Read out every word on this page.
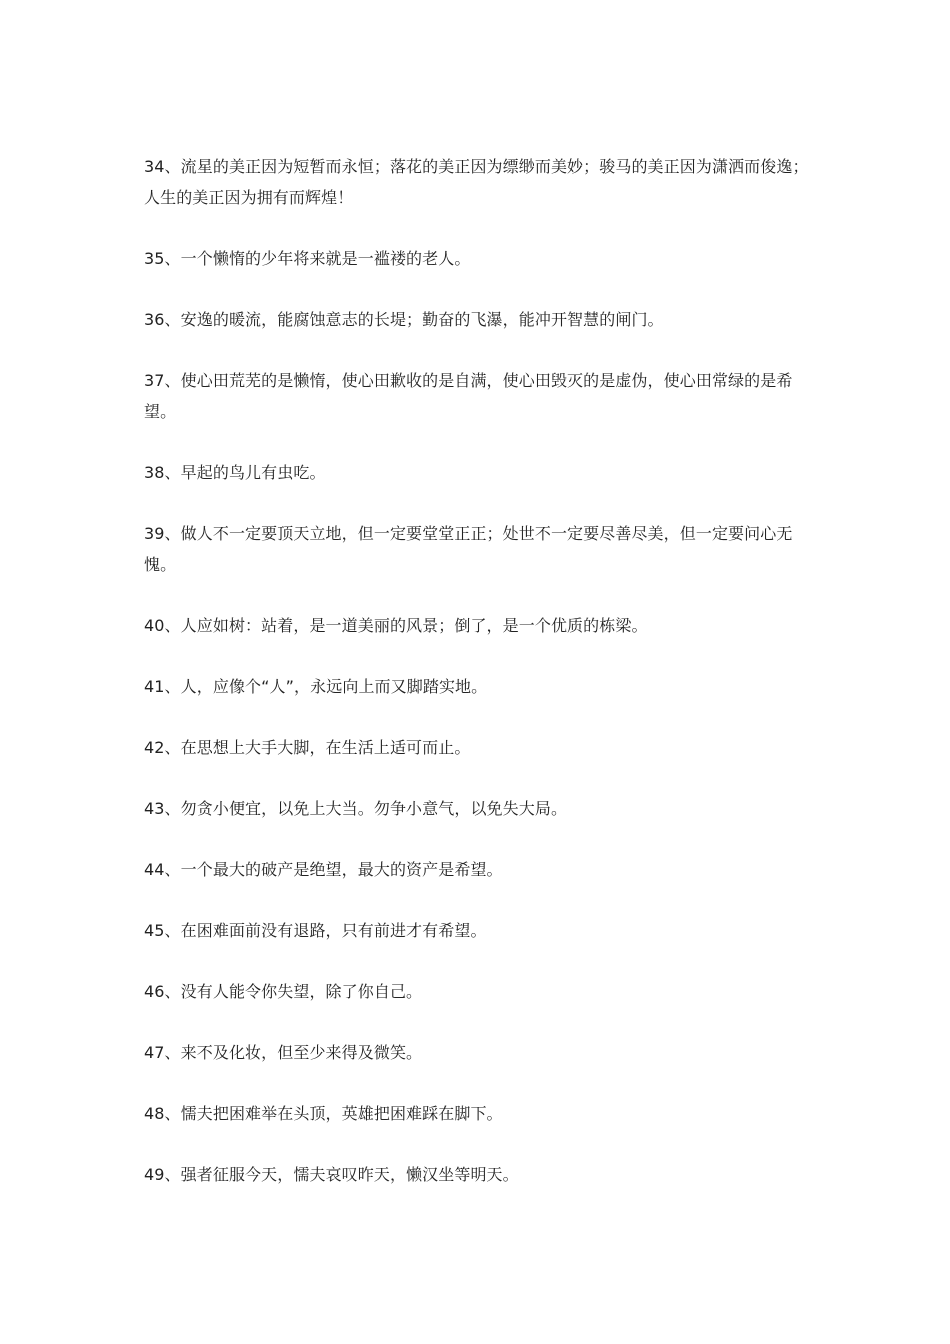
34、流星的美正因为短暂而永恒；落花的美正因为缥缈而美妙；骏马的美正因为潇洒而俊逸；人生的美正因为拥有而辉煌！

35、一个懒惰的少年将来就是一褴褛的老人。

36、安逸的暖流，能腐蚀意志的长堤；勤奋的飞瀑，能冲开智慧的闸门。

37、使心田荒芜的是懒惰，使心田歉收的是自满，使心田毁灭的是虚伪，使心田常绿的是希望。

38、早起的鸟儿有虫吃。

39、做人不一定要顶天立地，但一定要堂堂正正；处世不一定要尽善尽美，但一定要问心无愧。

40、人应如树：站着，是一道美丽的风景；倒了，是一个优质的栋梁。

41、人，应像个“人”，永远向上而又脚踏实地。

42、在思想上大手大脚，在生活上适可而止。

43、勿贪小便宜，以免上大当。勿争小意气，以免失大局。

44、一个最大的破产是绝望，最大的资产是希望。

45、在困难面前没有退路，只有前进才有希望。

46、没有人能令你失望，除了你自己。

47、来不及化妆，但至少来得及微笑。

48、懦夫把困难举在头顶，英雄把困难踩在脚下。

49、强者征服今天，懦夫哀叹昨天，懒汉坐等明天。
